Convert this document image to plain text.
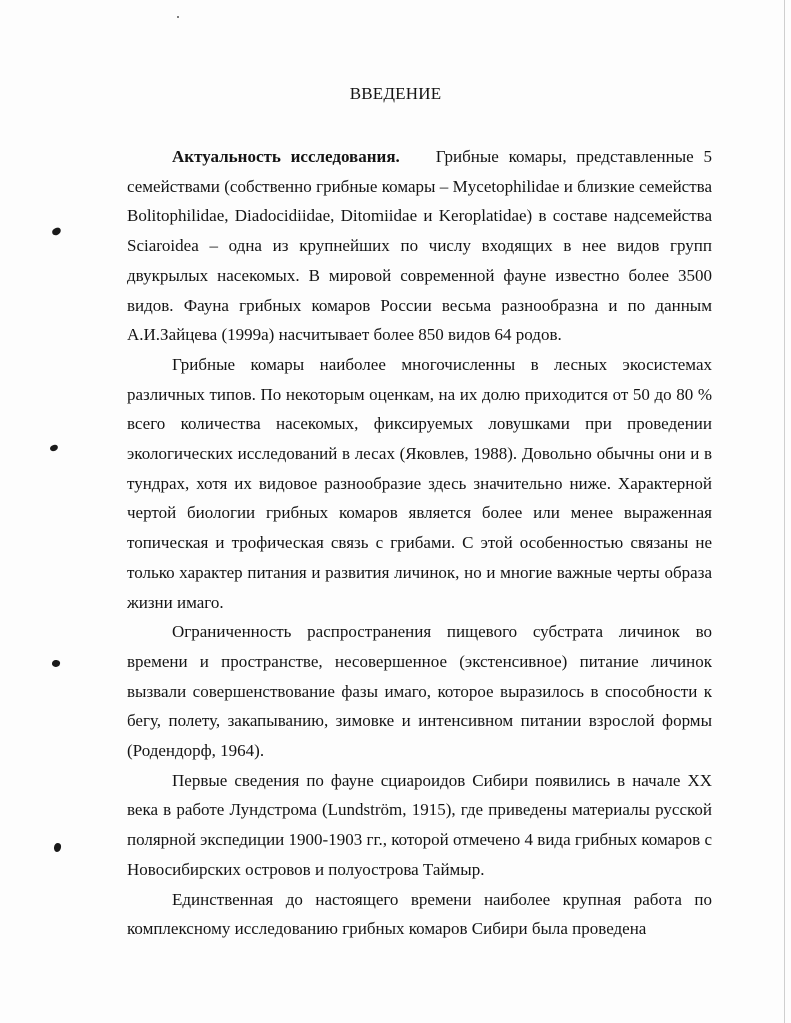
ВВЕДЕНИЕ

Актуальность исследования. Грибные комары, представленные 5 семействами (собственно грибные комары – Mycetophilidae и близкие семейства Bolitophilidae, Diadocidiidae, Ditomiidae и Keroplatidae) в составе надсемейства Sciaroidea – одна из крупнейших по числу входящих в нее видов групп двукрылых насекомых. В мировой современной фауне известно более 3500 видов. Фауна грибных комаров России весьма разнообразна и по данным А.И.Зайцева (1999а) насчитывает более 850 видов 64 родов.

Грибные комары наиболее многочисленны в лесных экосистемах различных типов. По некоторым оценкам, на их долю приходится от 50 до 80 % всего количества насекомых, фиксируемых ловушками при проведении экологических исследований в лесах (Яковлев, 1988). Довольно обычны они и в тундрах, хотя их видовое разнообразие здесь значительно ниже. Характерной чертой биологии грибных комаров является более или менее выраженная топическая и трофическая связь с грибами. С этой особенностью связаны не только характер питания и развития личинок, но и многие важные черты образа жизни имаго.

Ограниченность распространения пищевого субстрата личинок во времени и пространстве, несовершенное (экстенсивное) питание личинок вызвали совершенствование фазы имаго, которое выразилось в способности к бегу, полету, закапыванию, зимовке и интенсивном питании взрослой формы (Родендорф, 1964).

Первые сведения по фауне сциароидов Сибири появились в начале XX века в работе Лундстрома (Lundström, 1915), где приведены материалы русской полярной экспедиции 1900-1903 гг., которой отмечено 4 вида грибных комаров с Новосибирских островов и полуострова Таймыр.

Единственная до настоящего времени наиболее крупная работа по комплексному исследованию грибных комаров Сибири была проведена
